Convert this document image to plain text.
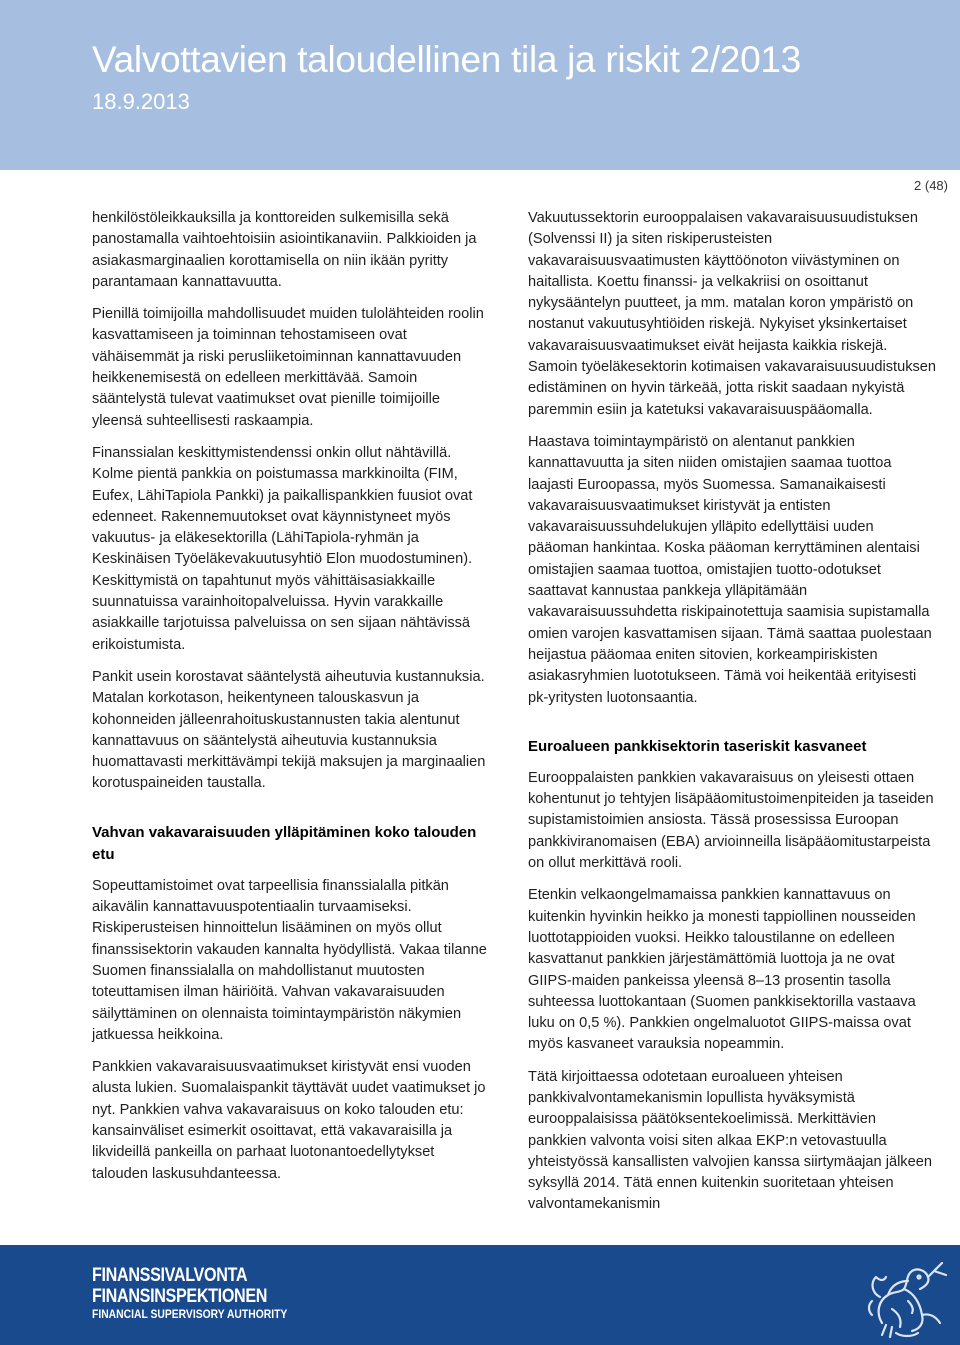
Valvottavien taloudellinen tila ja riskit 2/2013
18.9.2013
2 (48)

henkilöstöleikkauksilla ja konttoreiden sulkemisilla sekä panostamalla vaihtoehtoisiin asiointikanaviin. Palkkioiden ja asiakasmarginaalien korottamisella on niin ikään pyritty parantamaan kannattavuutta.

Pienillä toimijoilla mahdollisuudet muiden tulolähteiden roolin kasvattamiseen ja toiminnan tehostamiseen ovat vähäisemmät ja riski perusliiketoiminnan kannattavuuden heikkenemisestä on edelleen merkittävää. Samoin sääntelystä tulevat vaatimukset ovat pienille toimijoille yleensä suhteellisesti raskaampia.

Finanssialan keskittymistendenssi onkin ollut nähtävillä. Kolme pientä pankkia on poistumassa markkinoilta (FIM, Eufex, LähiTapiola Pankki) ja paikallispankkien fuusiot ovat edenneet. Rakennemuutokset ovat käynnistyneet myös vakuutus- ja eläkesektorilla (LähiTapiola-ryhmän ja Keskinäisen Työeläkevakuutusyhtiö Elon muodostuminen). Keskittymistä on tapahtunut myös vähittäisasiakkaille suunnatuissa varainhoitopalveluissa. Hyvin varakkaille asiakkaille tarjotuissa palveluissa on sen sijaan nähtävissä erikoistumista.

Pankit usein korostavat sääntelystä aiheutuvia kustannuksia. Matalan korkotason, heikentyneen talouskasvun ja kohonneiden jälleenrahoituskustannusten takia alentunut kannattavuus on sääntelystä aiheutuvia kustannuksia huomattavasti merkittävämpi tekijä maksujen ja marginaalien korotuspaineiden taustalla.

Vahvan vakavaraisuuden ylläpitäminen koko talouden etu

Sopeuttamistoimet ovat tarpeellisia finanssialalla pitkän aikavälin kannattavuuspotentiaalin turvaamiseksi. Riskiperusteisen hinnoittelun lisääminen on myös ollut finanssisektorin vakauden kannalta hyödyllistä. Vakaa tilanne Suomen finanssialalla on mahdollistanut muutosten toteuttamisen ilman häiriöitä. Vahvan vakavaraisuuden säilyttäminen on olennaista toimintaympäristön näkymien jatkuessa heikkoina.

Pankkien vakavaraisuusvaatimukset kiristyvät ensi vuoden alusta lukien. Suomalaispankit täyttävät uudet vaatimukset jo nyt. Pankkien vahva vakavaraisuus on koko talouden etu: kansainväliset esimerkit osoittavat, että vakavaraisilla ja likvideillä pankeilla on parhaat luotonantoedellytykset talouden laskusuhdanteessa.

Vakuutussektorin eurooppalaisen vakavaraisuusuudistuksen (Solvenssi II) ja siten riskiperusteisten vakavaraisuusvaatimusten käyttöönoton viivästyminen on haitallista. Koettu finanssi- ja velkakriisi on osoittanut nykysääntelyn puutteet, ja mm. matalan koron ympäristö on nostanut vakuutusyhtiöiden riskejä. Nykyiset yksinkertaiset vakavaraisuusvaatimukset eivät heijasta kaikkia riskejä. Samoin työeläkesektorin kotimaisen vakavaraisuusuudistuksen edistäminen on hyvin tärkeää, jotta riskit saadaan nykyistä paremmin esiin ja katetuksi vakavaraisuuspääomalla.

Haastava toimintaympäristö on alentanut pankkien kannattavuutta ja siten niiden omistajien saamaa tuottoa laajasti Euroopassa, myös Suomessa. Samanaikaisesti vakavaraisuusvaatimukset kiristyvät ja entisten vakavaraisuussuhdelukujen ylläpito edellyttäisi uuden pääoman hankintaa. Koska pääoman kerryttäminen alentaisi omistajien saamaa tuottoa, omistajien tuotto-odotukset saattavat kannustaa pankkeja ylläpitämään vakavaraisuussuhdetta riskipainotettuja saamisia supistamalla omien varojen kasvattamisen sijaan. Tämä saattaa puolestaan heijastua pääomaa eniten sitovien, korkeampiriskisten asiakasryhmien luototukseen. Tämä voi heikentää erityisesti pk-yritysten luotonsaantia.

Euroalueen pankkisektorin taseriskit kasvaneet

Eurooppalaisten pankkien vakavaraisuus on yleisesti ottaen kohentunut jo tehtyjen lisäpääomitustoimenpiteiden ja taseiden supistamistoimien ansiosta. Tässä prosessissa Euroopan pankkiviranomaisen (EBA) arvioinneilla lisäpääomitustarpeista on ollut merkittävä rooli.

Etenkin velkaongelmamaissa pankkien kannattavuus on kuitenkin hyvinkin heikko ja monesti tappiollinen nousseiden luottotappioiden vuoksi. Heikko taloustilanne on edelleen kasvattanut pankkien järjestämättömiä luottoja ja ne ovat GIIPS-maiden pankeissa yleensä 8–13 prosentin tasolla suhteessa luottokantaan (Suomen pankkisektorilla vastaava luku on 0,5 %). Pankkien ongelmaluotot GIIPS-maissa ovat myös kasvaneet varauksia nopeammin.

Tätä kirjoittaessa odotetaan euroalueen yhteisen pankkivalvontamekanismin lopullista hyväksymistä eurooppalaisissa päätöksentekoelimissä. Merkittävien pankkien valvonta voisi siten alkaa EKP:n vetovastuulla yhteistyössä kansallisten valvojien kanssa siirtymäajan jälkeen syksyllä 2014. Tätä ennen kuitenkin suoritetaan yhteisen valvontamekanismin

FINANSSIVALVONTA
FINANSINSPEKTIONEN
FINANCIAL SUPERVISORY AUTHORITY
